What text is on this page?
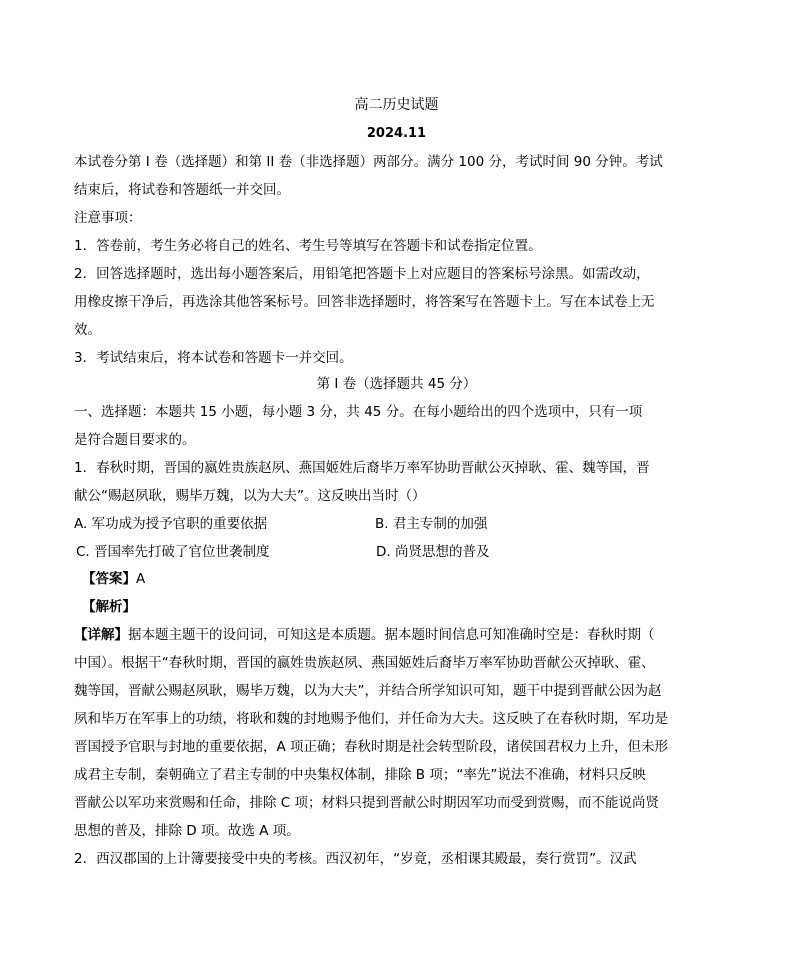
高二历史试题
2024.11
本试卷分第 I 卷（选择题）和第 II 卷（非选择题）两部分。满分 100 分，考试时间 90 分钟。考试
结束后，将试卷和答题纸一并交回。
注意事项：
1．答卷前，考生务必将自己的姓名、考生号等填写在答题卡和试卷指定位置。
2．回答选择题时，选出每小题答案后，用铅笔把答题卡上对应题目的答案标号涂黑。如需改动，
用橡皮擦干净后，再选涂其他答案标号。回答非选择题时，将答案写在答题卡上。写在本试卷上无
效。
3．考试结束后，将本试卷和答题卡一并交回。
第 I 卷（选择题共 45 分）
一、选择题：本题共 15 小题，每小题 3 分，共 45 分。在每小题给出的四个选项中，只有一项
是符合题目要求的。
1．春秋时期，晋国的嬴姓贵族赵夙、燕国姬姓后裔毕万率军协助晋献公灭掉耿、霍、魏等国，晋
献公“赐赵夙耿，赐毕万魏，以为大夫”。这反映出当时（）
A. 军功成为授予官职的重要依据	B. 君主专制的加强
C. 晋国率先打破了官位世袭制度	D. 尚贤思想的普及
【答案】A
【解析】
【详解】据本题主题干的设问词，可知这是本质题。据本题时间信息可知准确时空是：春秋时期（
中国）。根据干“春秋时期，晋国的嬴姓贵族赵夙、燕国姬姓后裔毕万率军协助晋献公灭掉耿、霍、
魏等国，晋献公赐赵夙耿，赐毕万魏，以为大夫”，并结合所学知识可知，题干中提到晋献公因为赵
夙和毕万在军事上的功绩，将耿和魏的封地赐予他们，并任命为大夫。这反映了在春秋时期，军功是
晋国授予官职与封地的重要依据，A 项正确；春秋时期是社会转型阶段，诸侯国君权力上升，但未形
成君主专制，秦朝确立了君主专制的中央集权体制，排除 B 项；“率先”说法不准确，材料只反映
晋献公以军功来赏赐和任命，排除 C 项；材料只提到晋献公时期因军功而受到赏赐，而不能说尚贤
思想的普及，排除 D 项。故选 A 项。
2．西汉郡国的上计簿要接受中央的考核。西汉初年，“岁竟，丞相课其殿最，奏行赏罚”。汉武
